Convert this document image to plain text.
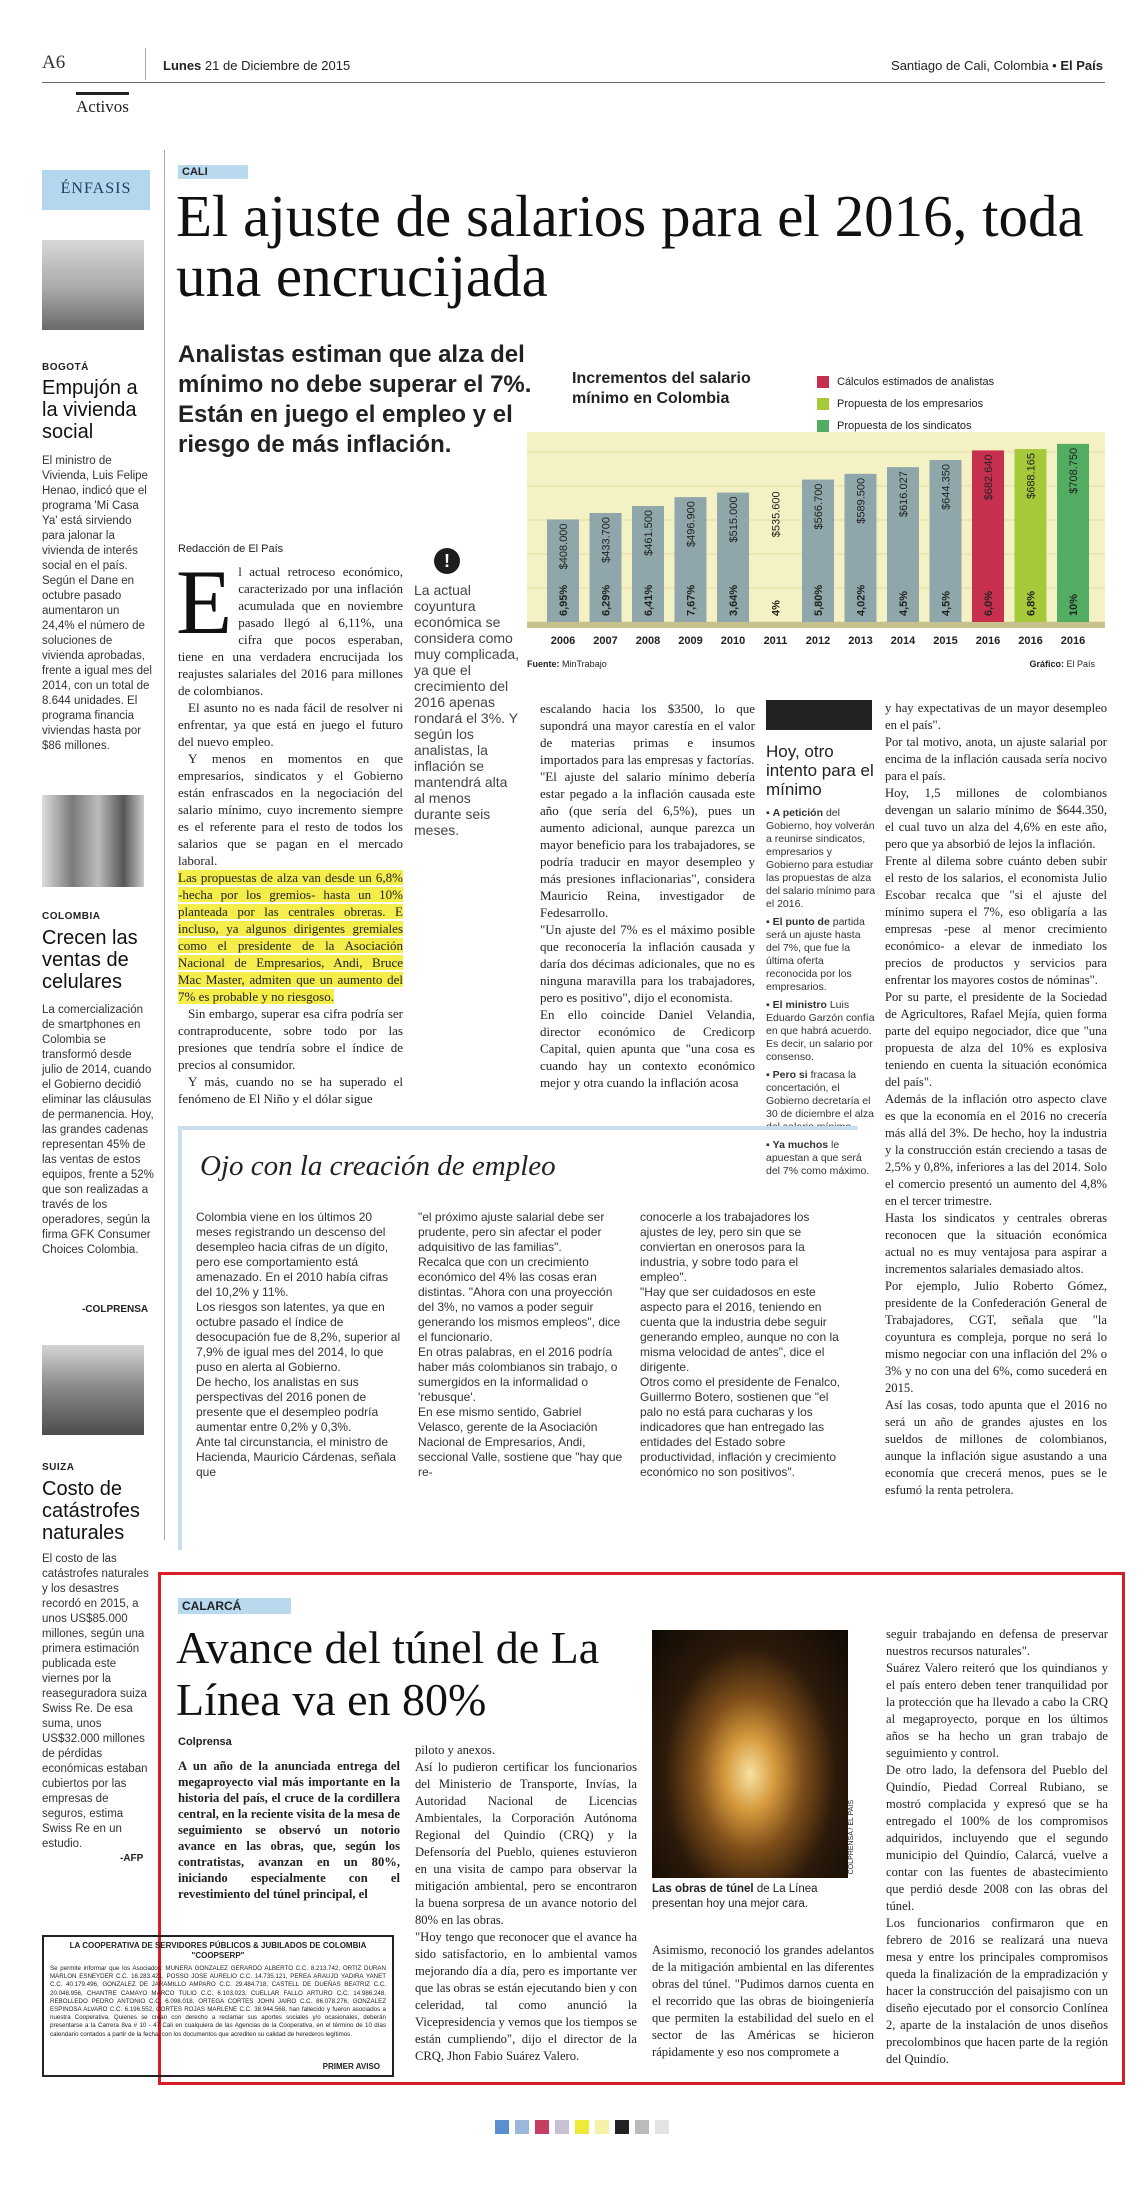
A6	Lunes 21 de Diciembre de 2015	Santiago de Cali, Colombia • El País
Activos
ÉNFASIS
BOGOTÁ
Empujón a la vivienda social
El ministro de Vivienda, Luis Felipe Henao, indicó que el programa 'Mi Casa Ya' está sirviendo para jalonar la vivienda de interés social en el país. Según el Dane en octubre pasado aumentaron un 24,4% el número de soluciones de vivienda aprobadas, frente a igual mes del 2014, con un total de 8.644 unidades. El programa financia viviendas hasta por $86 millones.
COLOMBIA
Crecen las ventas de celulares
La comercialización de smartphones en Colombia se transformó desde julio de 2014, cuando el Gobierno decidió eliminar las cláusulas de permanencia. Hoy, las grandes cadenas representan 45% de las ventas de estos equipos, frente a 52% que son realizadas a través de los operadores, según la firma GFK Consumer Choices Colombia.
-COLPRENSA
SUIZA
Costo de catástrofes naturales
El costo de las catástrofes naturales y los desastres recordó en 2015, a unos US$85.000 millones, según una primera estimación publicada este viernes por la reaseguradora suiza Swiss Re. De esa suma, unos US$32.000 millones de pérdidas económicas estaban cubiertos por las empresas de seguros, estima Swiss Re en un estudio.
-AFP
CALI
El ajuste de salarios para el 2016, toda una encrucijada
Analistas estiman que alza del mínimo no debe superar el 7%. Están en juego el empleo y el riesgo de más inflación.
Incrementos del salario mínimo en Colombia
Cálculos estimados de analistas
Propuesta de los empresarios
Propuesta de los sindicatos
$408.000
6,95%
2006
$433.700
6,29%
2007
$461.500
6,41%
2008
$496.900
7,67%
2009
$515.000
3,64%
2010
$535.600
4%
2011
$566.700
5,80%
2012
$589.500
4,02%
2013
$616.027
4,5%
2014
$644.350
4,5%
2015
$682.640
6,0%
2016
$688.165
6,8%
2016
$708.750
10%
2016
Fuente: MinTrabajo	Gráfico: El País
Redacción de El País
El actual retroceso económico, caracterizado por una inflación acumulada que en noviembre pasado llegó al 6,11%, una cifra que pocos esperaban, tiene en una verdadera encrucijada los reajustes salariales del 2016 para millones de colombianos.

El asunto no es nada fácil de resolver ni enfrentar, ya que está en juego el futuro del nuevo empleo.

Y menos en momentos en que empresarios, sindicatos y el Gobierno están enfrascados en la negociación del salario mínimo, cuyo incremento siempre es el referente para el resto de todos los salarios que se pagan en el mercado laboral.

Las propuestas de alza van desde un 6,8% -hecha por los gremios- hasta un 10% planteada por las centrales obreras. E incluso, ya algunos dirigentes gremiales como el presidente de la Asociación Nacional de Empresarios, Andi, Bruce Mac Master, admiten que un aumento del 7% es probable y no riesgoso.

Sin embargo, superar esa cifra podría ser contraproducente, sobre todo por las presiones que tendría sobre el índice de precios al consumidor.

Y más, cuando no se ha superado el fenómeno de El Niño y el dólar sigue

!
La actual coyuntura económica se considera como muy complicada, ya que el crecimiento del 2016 apenas rondará el 3%. Y según los analistas, la inflación se mantendrá alta al menos durante seis meses.
escalando hacia los $3500, lo que supondrá una mayor carestía en el valor de materias primas e insumos importados para las empresas y factorías.
"El ajuste del salario mínimo debería estar pegado a la inflación causada este año (que sería del 6,5%), pues un aumento adicional, aunque parezca un mayor beneficio para los trabajadores, se podría traducir en mayor desempleo y más presiones inflacionarias", considera Mauricio Reina, investigador de Fedesarrollo.
"Un ajuste del 7% es el máximo posible que reconocería la inflación causada y daría dos décimas adicionales, que no es ninguna maravilla para los trabajadores, pero es positivo", dijo el economista.
En ello coincide Daniel Velandia, director económico de Credicorp Capital, quien apunta que "una cosa es cuando hay un contexto económico mejor y otra cuando la inflación acosa
Hoy, otro intento para el mínimo
▪ A petición del Gobierno, hoy volverán a reunirse sindicatos, empresarios y Gobierno para estudiar las propuestas de alza del salario mínimo para el 2016.
▪ El punto de partida será un ajuste hasta del 7%, que fue la última oferta reconocida por los empresarios.
▪ El ministro Luis Eduardo Garzón confía en que habrá acuerdo. Es decir, un salario por consenso.
▪ Pero si fracasa la concertación, el Gobierno decretaría el 30 de diciembre el alza del salario mínimo.
▪ Ya muchos le apuestan a que será del 7% como máximo.
y hay expectativas de un mayor desempleo en el país".
Por tal motivo, anota, un ajuste salarial por encima de la inflación causada sería nocivo para el país.
Hoy, 1,5 millones de colombianos devengan un salario mínimo de $644.350, el cual tuvo un alza del 4,6% en este año, pero que ya absorbió de lejos la inflación.
Frente al dilema sobre cuánto deben subir el resto de los salarios, el economista Julio Escobar recalca que "si el ajuste del mínimo supera el 7%, eso obligaría a las empresas -pese al menor crecimiento económico- a elevar de inmediato los precios de productos y servicios para enfrentar los mayores costos de nóminas".
Por su parte, el presidente de la Sociedad de Agricultores, Rafael Mejía, quien forma parte del equipo negociador, dice que "una propuesta de alza del 10% es explosiva teniendo en cuenta la situación económica del país".
Además de la inflación otro aspecto clave es que la economía en el 2016 no crecería más allá del 3%. De hecho, hoy la industria y la construcción están creciendo a tasas de 2,5% y 0,8%, inferiores a las del 2014. Solo el comercio presentó un aumento del 4,8% en el tercer trimestre.
Hasta los sindicatos y centrales obreras reconocen que la situación económica actual no es muy ventajosa para aspirar a incrementos salariales demasiado altos.
Por ejemplo, Julio Roberto Gómez, presidente de la Confederación General de Trabajadores, CGT, señala que "la coyuntura es compleja, porque no será lo mismo negociar con una inflación del 2% o 3% y no con una del 6%, como sucederá en 2015.
Así las cosas, todo apunta que el 2016 no será un año de grandes ajustes en los sueldos de millones de colombianos, aunque la inflación sigue asustando a una economía que crecerá menos, pues se le esfumó la renta petrolera.
Ojo con la creación de empleo
Colombia viene en los últimos 20 meses registrando un descenso del desempleo hacia cifras de un dígito, pero ese comportamiento está amenazado. En el 2010 había cifras del 10,2% y 11%.
Los riesgos son latentes, ya que en octubre pasado el índice de desocupación fue de 8,2%, superior al 7,9% de igual mes del 2014, lo que puso en alerta al Gobierno.
De hecho, los analistas en sus perspectivas del 2016 ponen de presente que el desempleo podría aumentar entre 0,2% y 0,3%.
Ante tal circunstancia, el ministro de Hacienda, Mauricio Cárdenas, señala que
"el próximo ajuste salarial debe ser prudente, pero sin afectar el poder adquisitivo de las familias".
Recalca que con un crecimiento económico del 4% las cosas eran distintas. "Ahora con una proyección del 3%, no vamos a poder seguir generando los mismos empleos", dice el funcionario.
En otras palabras, en el 2016 podría haber más colombianos sin trabajo, o sumergidos en la informalidad o 'rebusque'.
En ese mismo sentido, Gabriel Velasco, gerente de la Asociación Nacional de Empresarios, Andi, seccional Valle, sostiene que "hay que re-
conocerle a los trabajadores los ajustes de ley, pero sin que se conviertan en onerosos para la industria, y sobre todo para el empleo".
"Hay que ser cuidadosos en este aspecto para el 2016, teniendo en cuenta que la industria debe seguir generando empleo, aunque no con la misma velocidad de antes", dice el dirigente.
Otros como el presidente de Fenalco, Guillermo Botero, sostienen que "el palo no está para cucharas y los indicadores que han entregado las entidades del Estado sobre productividad, inflación y crecimiento económico no son positivos".
CALARCÁ
Avance del túnel de La Línea va en 80%
Colprensa
A un año de la anunciada entrega del megaproyecto vial más importante en la historia del país, el cruce de la cordillera central, en la reciente visita de la mesa de seguimiento se observó un notorio avance en las obras, que, según los contratistas, avanzan en un 80%, iniciando especialmente con el revestimiento del túnel principal, el
piloto y anexos.
Así lo pudieron certificar los funcionarios del Ministerio de Transporte, Invías, la Autoridad Nacional de Licencias Ambientales, la Corporación Autónoma Regional del Quindío (CRQ) y la Defensoría del Pueblo, quienes estuvieron en una visita de campo para observar la mitigación ambiental, pero se encontraron la buena sorpresa de un avance notorio del 80% en las obras.
"Hoy tengo que reconocer que el avance ha sido satisfactorio, en lo ambiental vamos mejorando día a día, pero es importante ver que las obras se están ejecutando bien y con celeridad, tal como anunció la Vicepresidencia y vemos que los tiempos se están cumpliendo", dijo el director de la CRQ, Jhon Fabio Suárez Valero.
COLPRENSA / EL PAÍS
Las obras de túnel de La Línea presentan hoy una mejor cara.
Asimismo, reconoció los grandes adelantos de la mitigación ambiental en las diferentes obras del túnel. "Pudimos darnos cuenta en el recorrido que las obras de bioingeniería que permiten la estabilidad del suelo en el sector de las Américas se hicieron rápidamente y eso nos compromete a
seguir trabajando en defensa de preservar nuestros recursos naturales".
Suárez Valero reiteró que los quindianos y el país entero deben tener tranquilidad por la protección que ha llevado a cabo la CRQ al megaproyecto, porque en los últimos años se ha hecho un gran trabajo de seguimiento y control.
De otro lado, la defensora del Pueblo del Quindío, Piedad Correal Rubiano, se mostró complacida y expresó que se ha entregado el 100% de los compromisos adquiridos, incluyendo que el segundo municipio del Quindío, Calarcá, vuelve a contar con las fuentes de abastecimiento que perdió desde 2008 con las obras del túnel.
Los funcionarios confirmaron que en febrero de 2016 se realizará una nueva mesa y entre los principales compromisos queda la finalización de la empradización y hacer la construcción del paisajismo con un diseño ejecutado por el consorcio Conlínea 2, aparte de la instalación de unos diseños precolombinos que hacen parte de la región del Quindío.
LA COOPERATIVA DE SERVIDORES PÚBLICOS & JUBILADOS DE COLOMBIA "COOPSERP"
Se permite informar que los Asociados: MUNERA GONZALEZ GERARDO ALBERTO C.C. 8.213.742, ORTIZ DURAN MARLON ESNEYDER C.C. 16.283.421, POSSO JOSE AURELIO C.C. 14.735.121, PEREA ARAUJO YADIRA YANET C.C. 40.179.496, GONZALEZ DE JARAMILLO AMPARO C.C. 29.484.718, CASTELL DE DUEÑAS BEATRIZ C.C. 20.048.956, CHANTRE CAMAYO MARCO TULIO C.C. 6.103.023, CUELLAR FALLO ARTURO C.C. 14.986.248, REBOLLEDO PEDRO ANTONIO C.C. 6.098.018, ORTEGA CORTES JOHN JAIRO C.C. 86.078.276, GONZALEZ ESPINOSA ALVARO C.C. 6.196.552, CORTES ROJAS MARLENE C.C. 38.944.568, han fallecido y fueron asociados a nuestra Cooperativa. Quienes se crean con derecho a reclamar sus aportes sociales y/o ocasionales, deberán presentarse a la Carrera 8va # 10 - 47 Cali en cualquiera de las Agencias de la Cooperativa, en el término de 10 días calendario contados a partir de la fecha, con los documentos que acrediten su calidad de herederos legítimos.
PRIMER AVISO
